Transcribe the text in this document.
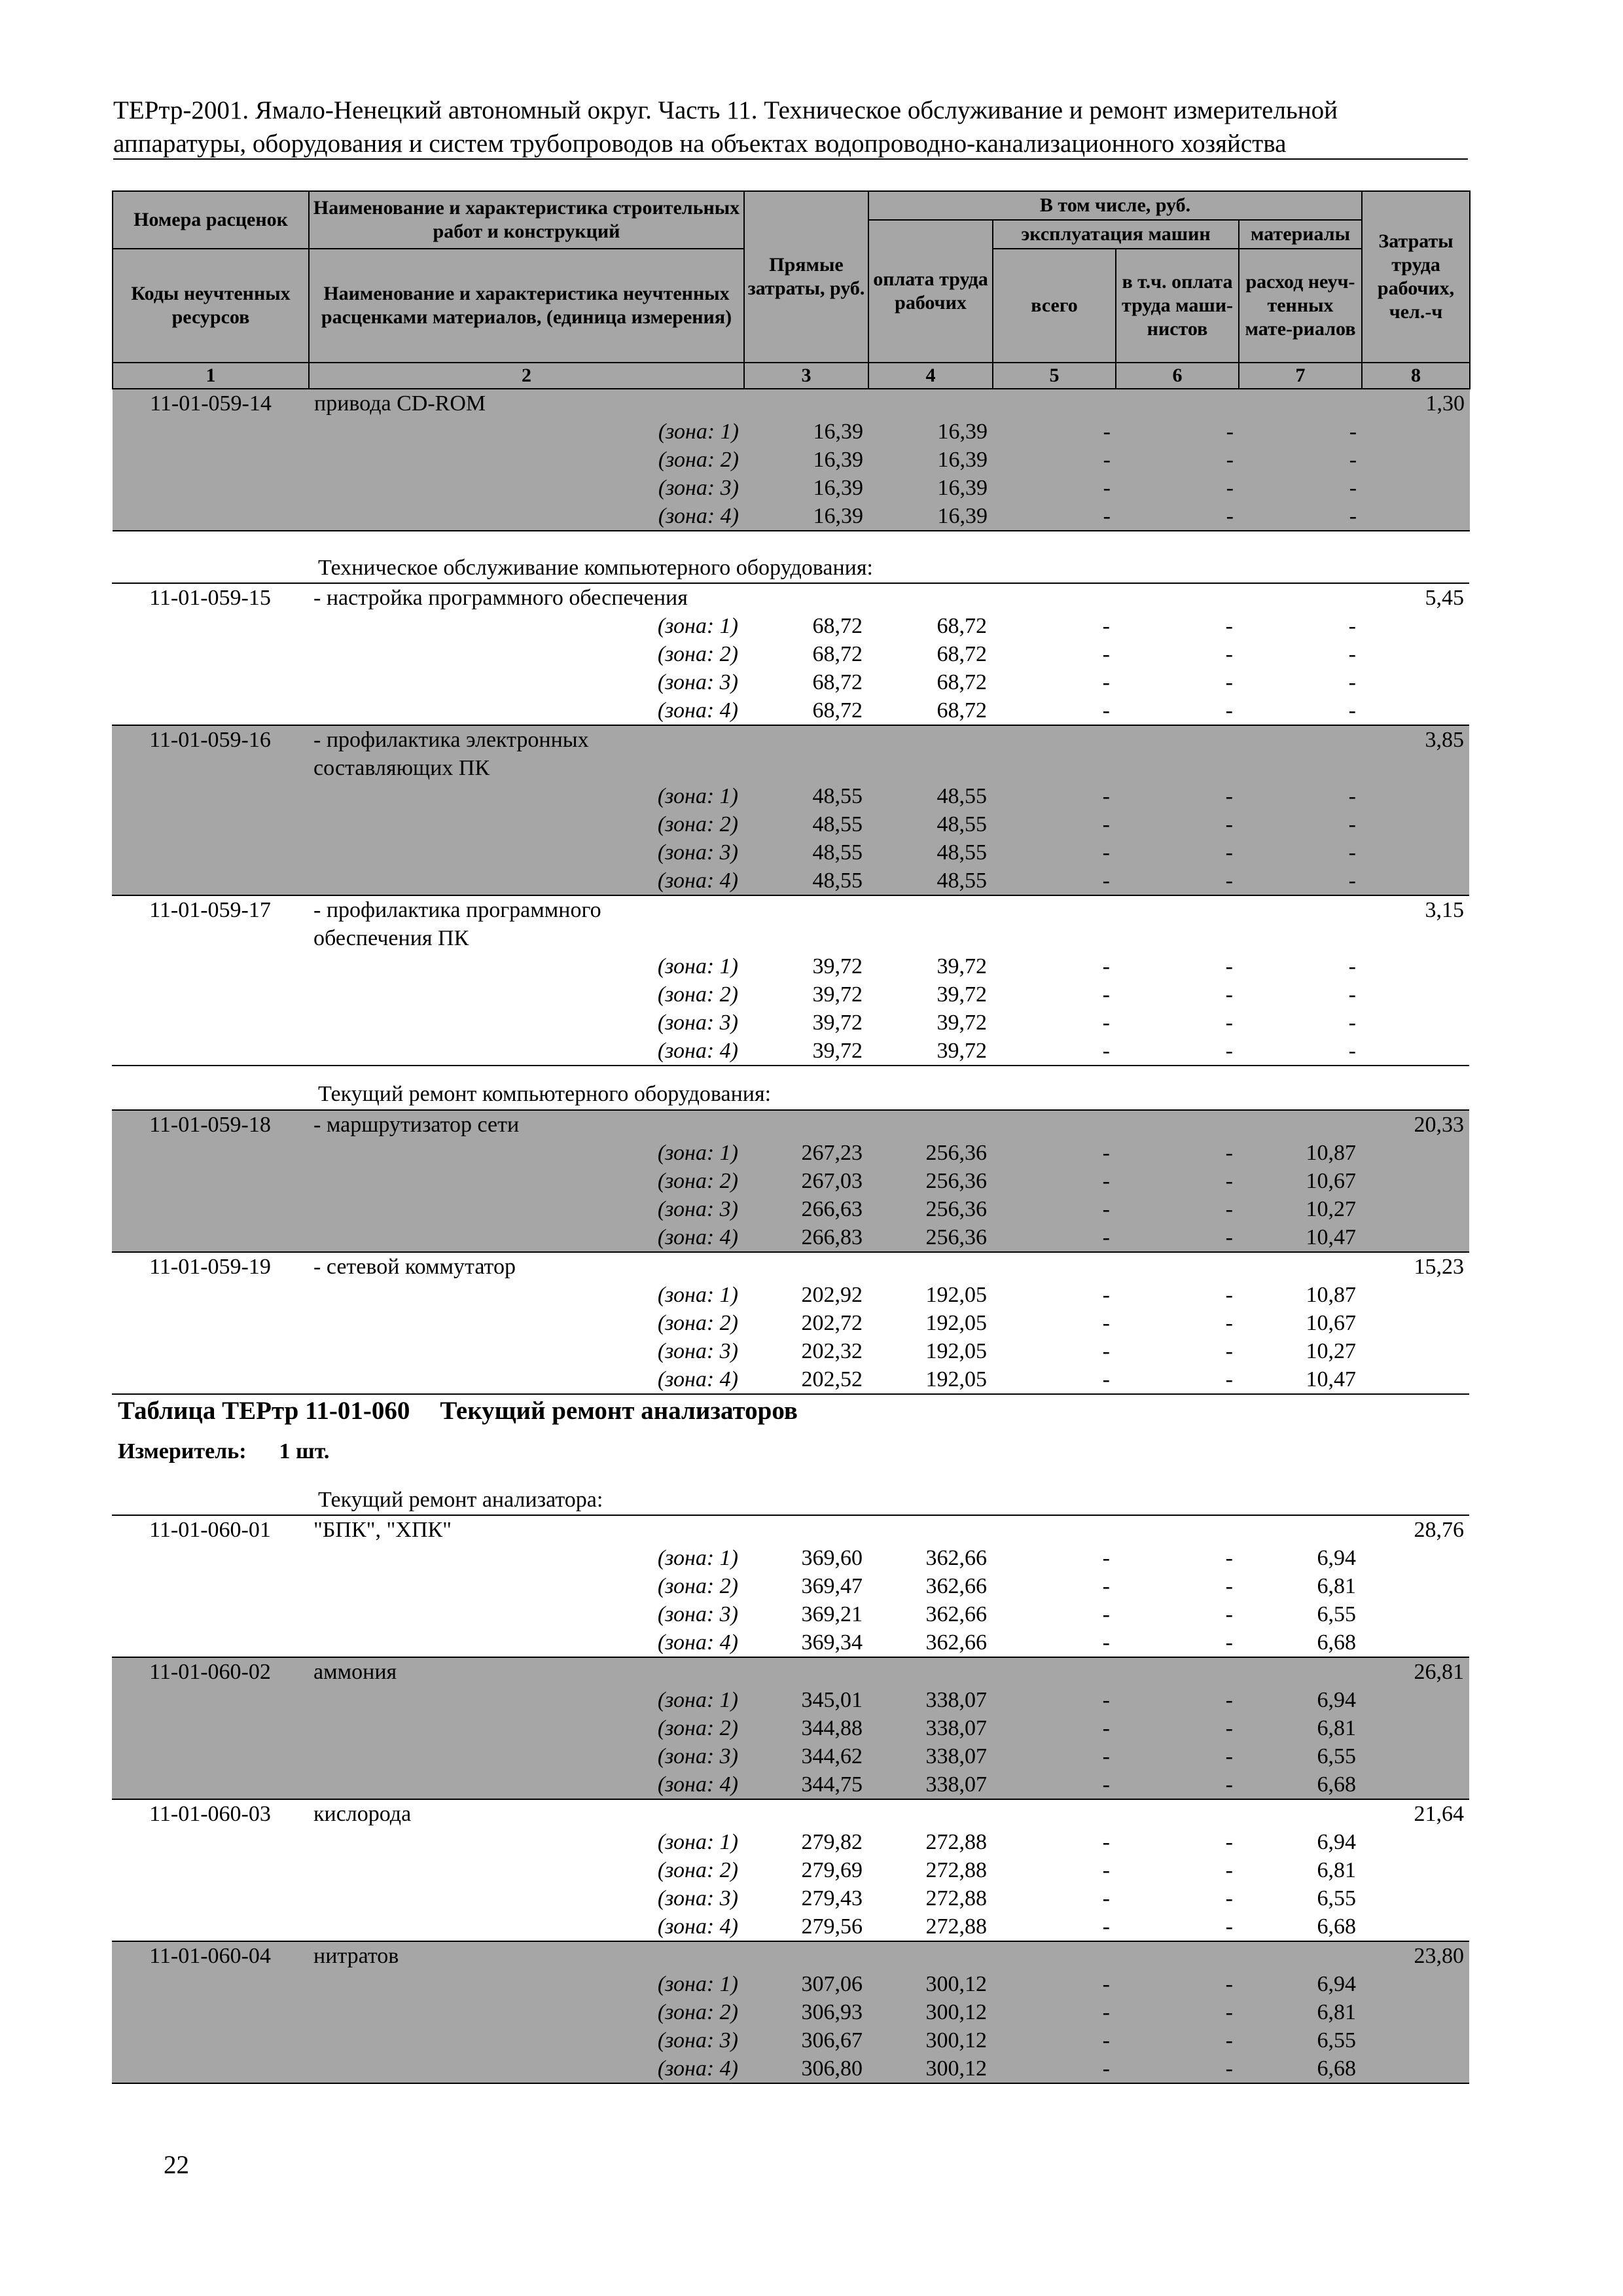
ТЕРтр-2001. Ямало-Ненецкий автономный округ. Часть 11. Техническое обслуживание и ремонт измерительной
аппаратуры, оборудования и систем трубопроводов на объектах водопроводно-канализационного хозяйства
Номера расценок	Наименование и характеристика строительных работ и конструкций	Прямые затраты, руб.	В том числе, руб.				Затраты труда рабочих, чел.-ч
			оплата труда рабочих	эксплуатация машин		материалы	
Коды неучтенных ресурсов	Наименование и характеристика неучтенных расценками материалов, (единица измерения)			всего	в т.ч. оплата труда маши-нистов	расход неуч-тенных мате-риалов	

1	2	3	4	5	6	7	8
11-01-059-14	привода CD-ROM						1,30
	(зона: 1)	16,39	16,39	-	-	-	
	(зона: 2)	16,39	16,39	-	-	-	
	(зона: 3)	16,39	16,39	-	-	-	
	(зона: 4)	16,39	16,39	-	-	-	
Техническое обслуживание компьютерного оборудования:
11-01-059-15	- настройка программного обеспечения						5,45
	(зона: 1)	68,72	68,72	-	-	-	
	(зона: 2)	68,72	68,72	-	-	-	
	(зона: 3)	68,72	68,72	-	-	-	
	(зона: 4)	68,72	68,72	-	-	-	
11-01-059-16	- профилактика электронных						3,85
	составляющих ПК						
	(зона: 1)	48,55	48,55	-	-	-	
	(зона: 2)	48,55	48,55	-	-	-	
	(зона: 3)	48,55	48,55	-	-	-	
	(зона: 4)	48,55	48,55	-	-	-	
11-01-059-17	- профилактика программного						3,15
	обеспечения ПК						
	(зона: 1)	39,72	39,72	-	-	-	
	(зона: 2)	39,72	39,72	-	-	-	
	(зона: 3)	39,72	39,72	-	-	-	
	(зона: 4)	39,72	39,72	-	-	-	
Текущий ремонт компьютерного оборудования:
11-01-059-18	- маршрутизатор сети						20,33
	(зона: 1)	267,23	256,36	-	-	10,87	
	(зона: 2)	267,03	256,36	-	-	10,67	
	(зона: 3)	266,63	256,36	-	-	10,27	
	(зона: 4)	266,83	256,36	-	-	10,47	
11-01-059-19	- сетевой коммутатор						15,23
	(зона: 1)	202,92	192,05	-	-	10,87	
	(зона: 2)	202,72	192,05	-	-	10,67	
	(зона: 3)	202,32	192,05	-	-	10,27	
	(зона: 4)	202,52	192,05	-	-	10,47	
Таблица ТЕРтр 11-01-060 Текущий ремонт анализаторов
Измеритель: 1 шт.
Текущий ремонт анализатора:
11-01-060-01	"БПК", "ХПК"						28,76
	(зона: 1)	369,60	362,66	-	-	6,94	
	(зона: 2)	369,47	362,66	-	-	6,81	
	(зона: 3)	369,21	362,66	-	-	6,55	
	(зона: 4)	369,34	362,66	-	-	6,68	
11-01-060-02	аммония						26,81
	(зона: 1)	345,01	338,07	-	-	6,94	
	(зона: 2)	344,88	338,07	-	-	6,81	
	(зона: 3)	344,62	338,07	-	-	6,55	
	(зона: 4)	344,75	338,07	-	-	6,68	
11-01-060-03	кислорода						21,64
	(зона: 1)	279,82	272,88	-	-	6,94	
	(зона: 2)	279,69	272,88	-	-	6,81	
	(зона: 3)	279,43	272,88	-	-	6,55	
	(зона: 4)	279,56	272,88	-	-	6,68	
11-01-060-04	нитратов						23,80
	(зона: 1)	307,06	300,12	-	-	6,94	
	(зона: 2)	306,93	300,12	-	-	6,81	
	(зона: 3)	306,67	300,12	-	-	6,55	
	(зона: 4)	306,80	300,12	-	-	6,68	
22
